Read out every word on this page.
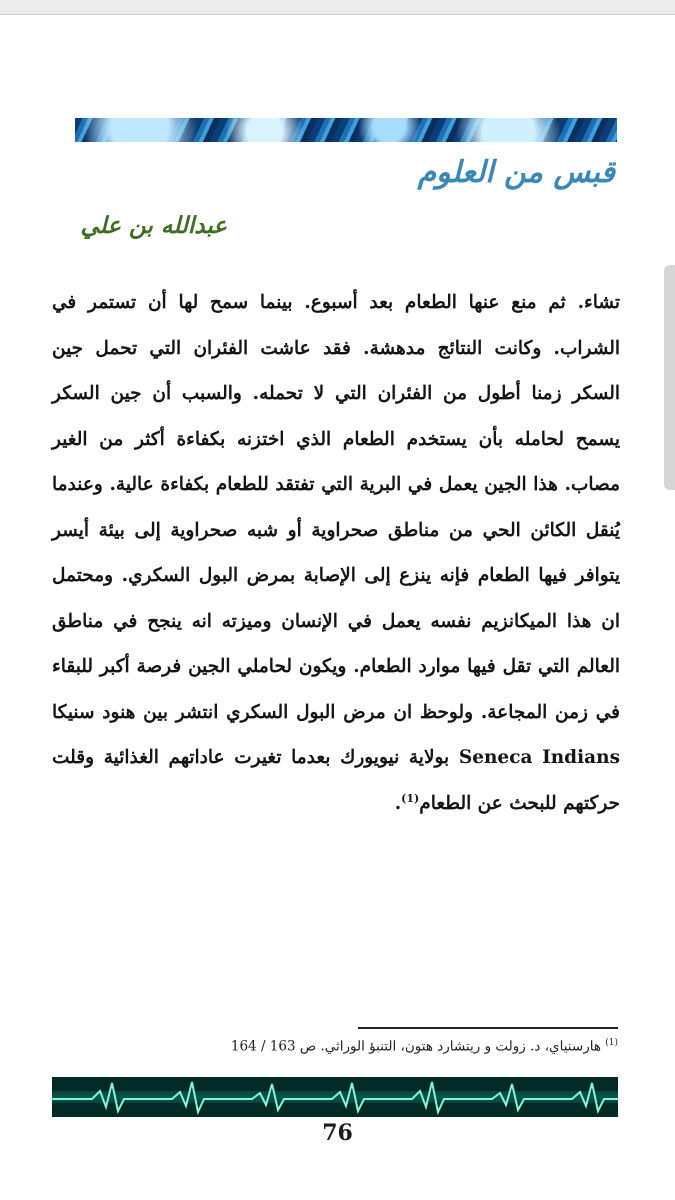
قبس من العلوم
عبدالله بن علي
تشاء. ثم منع عنها الطعام بعد أسبوع. بينما سمح لها أن تستمر في الشراب. وكانت النتائج مدهشة. فقد عاشت الفئران التي تحمل جين السكر زمنا أطول من الفئران التي لا تحمله. والسبب أن جين السكر يسمح لحامله بأن يستخدم الطعام الذي اختزنه بكفاءة أكثر من الغير مصاب. هذا الجين يعمل في البرية التي تفتقد للطعام بكفاءة عالية. وعندما يُنقل الكائن الحي من مناطق صحراوية أو شبه صحراوية إلى بيئة أيسر يتوافر فيها الطعام فإنه ينزع إلى الإصابة بمرض البول السكري. ومحتمل ان هذا الميكانزيم نفسه يعمل في الإنسان وميزته انه ينجح في مناطق العالم التي تقل فيها موارد الطعام. ويكون لحاملي الجين فرصة أكبر للبقاء في زمن المجاعة. ولوحظ ان مرض البول السكري انتشر بين هنود سنيكا Seneca Indians بولاية نيويورك بعدما تغيرت عاداتهم الغذائية وقلت حركتهم للبحث عن الطعام$^{(1)}$.
$^{(1)}$ هارسنياي، د. زولت و ريتشارد هتون، التنبؤ الوراثي. ص 163 / 164
76
